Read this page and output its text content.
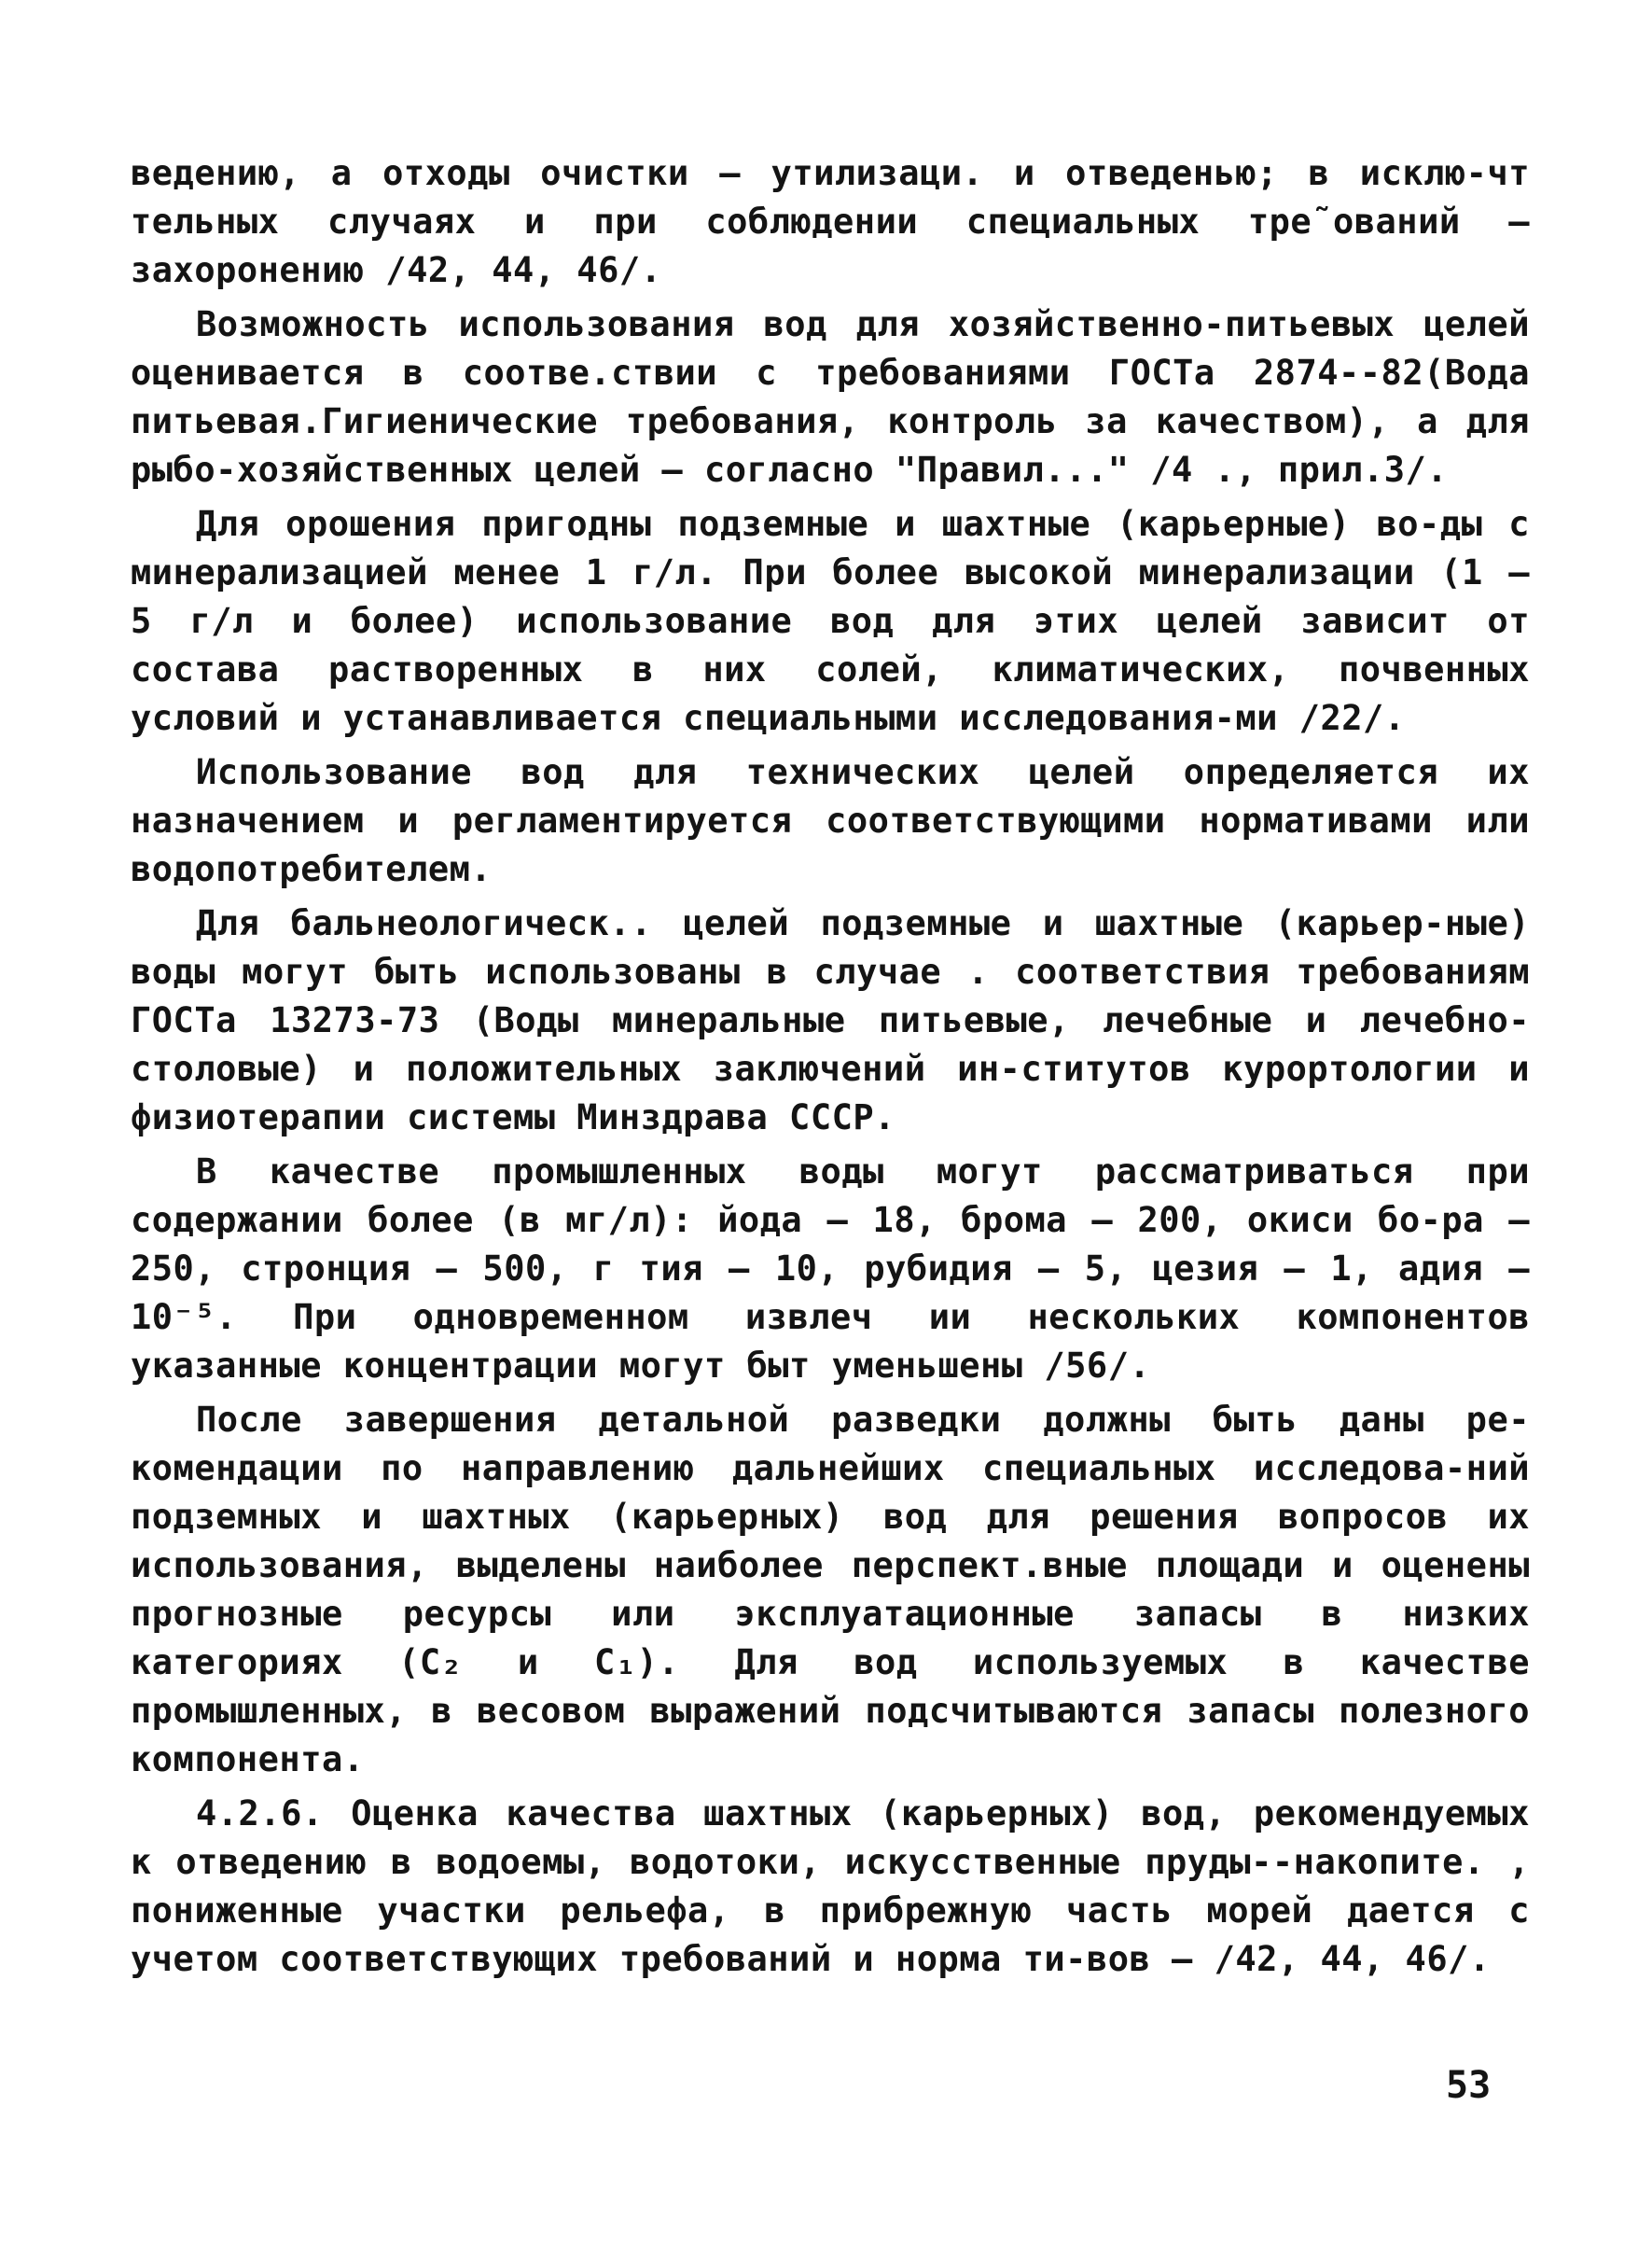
ведению, а отходы очистки – утилизаци. и отведенью; в исклю-чт тельных случаях и при соблюдении специальных тре˜ований – захоронению /42, 44, 46/.

Возможность использования вод для хозяйственно-питьевых целей оценивается в соотве.ствии с требованиями ГОСТа 2874--82(Вода питьевая.Гигиенические требования, контроль за качеством), а для рыбо-хозяйственных целей – согласно "Правил..." /4 ., прил.3/.

Для орошения пригодны подземные и шахтные (карьерные) во-ды с минерализацией менее 1 г/л. При более высокой минерализации (1 – 5 г/л и более) использование вод для этих целей зависит от состава растворенных в них солей, климатических, почвенных условий и устанавливается специальными исследования-ми /22/.

Использование вод для технических целей определяется их назначением и регламентируется соответствующими нормативами или водопотребителем.

Для бальнеологическ.. целей подземные и шахтные (карьер-ные) воды могут быть использованы в случае . соответствия требованиям ГОСТа 13273-73 (Воды минеральные питьевые, лечебные и лечебно-столовые) и положительных заключений ин-ститутов курортологии и физиотерапии системы Минздрава СССР.

В качестве промышленных воды могут рассматриваться при содержании более (в мг/л): йода – 18, брома – 200, окиси бо-ра – 250, стронция – 500, г тия – 10, рубидия – 5, цезия – 1, адия – 10⁻⁵. При одновременном извлеч ии нескольких компонентов указанные концентрации могут быт уменьшены /56/.

После завершения детальной разведки должны быть даны ре-комендации по направлению дальнейших специальных исследова-ний подземных и шахтных (карьерных) вод для решения вопросов их использования, выделены наиболее перспект.вные площади и оценены прогнозные ресурсы или эксплуатационные запасы в низких категориях (C₂ и C₁). Для вод используемых в качестве промышленных, в весовом выражений подсчитываются запасы полезного компонента.

4.2.6. Оценка качества шахтных (карьерных) вод, рекомендуемых к отведению в водоемы, водотоки, искусственные пруды--накопите. , пониженные участки рельефа, в прибрежную часть морей дается с учетом соответствующих требований и норма ти-вов – /42, 44, 46/.

53
